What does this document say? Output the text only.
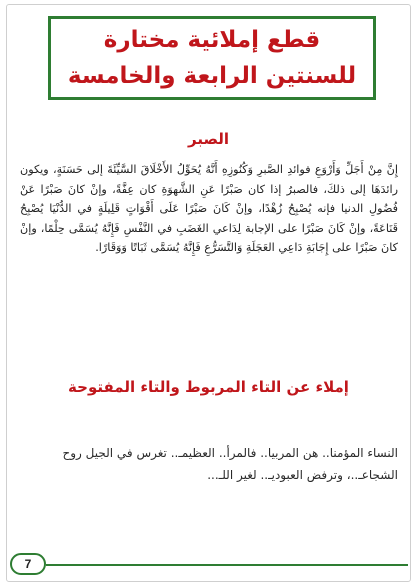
قطع إملائية مختارة
للسنتين الرابعة والخامسة
الصبر

إِنَّ مِنْ أَجَلِّ وَأَرْوَعِ فوائدِ الصَّبرِ وَكُنُوزِهِ أَنَّهُ يُحَوِّلُ الأَخْلَاقَ السَّيِّئَةَ إلى حَسَنَةٍ، ويكون رائدَهَا إلى ذلكَ، فالصبرُ إذا كان صَبْرًا عَنِ الشَّهوَةِ كان عِفَّةً، وإنْ كانَ صَبْرًا عَنْ فُضُولِ الدنيا فإنه يُصْبِحُ زُهْدًا، وإنْ كَانَ صَبْرًا عَلَى أَقْوَاتٍ قَلِيلَةٍ في الدُّنْيَا يُصْبِحُ قَنَاعَةً، وإنْ كَانَ صَبْرًا على الإجابة لِدَاعي الغَضَبِ في النَّفْسِ فَإِنَّهُ يُسَمَّى حِلْمًا، وإنْ كانَ صَبْرًا على إِجَابَةِ دَاعِي العَجَلَةِ وَالتَّسَرُّعِ فَإِنَّهُ يُسَمَّى ثَبَاتًا وَوَقَارًا.

إملاء عن التاء المربوط والتاء المفتوحة
النساء المؤمنا.. هن المربيا.. فالمرأ.. العظيمـ.. تغرس في الجيل روح
الشجاعـ..، وترفض العبوديـ.. لغير اللـ...
7
